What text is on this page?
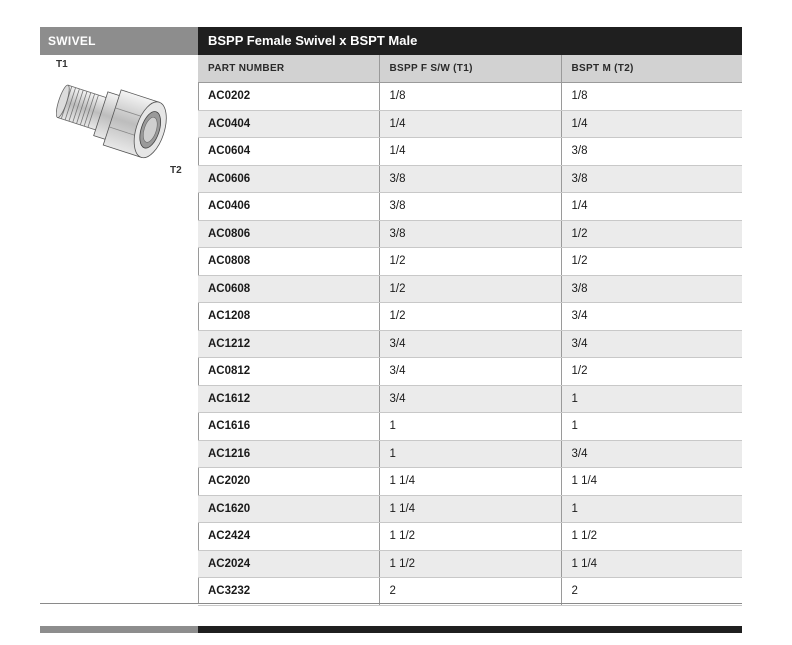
SWIVEL
T1
T2
BSPP Female Swivel x BSPT Male
PART NUMBER	BSPP F S/W (T1)	BSPT M (T2)
AC0202	1/8	1/8
AC0404	1/4	1/4
AC0604	1/4	3/8
AC0606	3/8	3/8
AC0406	3/8	1/4
AC0806	3/8	1/2
AC0808	1/2	1/2
AC0608	1/2	3/8
AC1208	1/2	3/4
AC1212	3/4	3/4
AC0812	3/4	1/2
AC1612	3/4	1
AC1616	1	1
AC1216	1	3/4
AC2020	1 1/4	1 1/4
AC1620	1 1/4	1
AC2424	1 1/2	1 1/2
AC2024	1 1/2	1 1/4
AC3232	2	2
